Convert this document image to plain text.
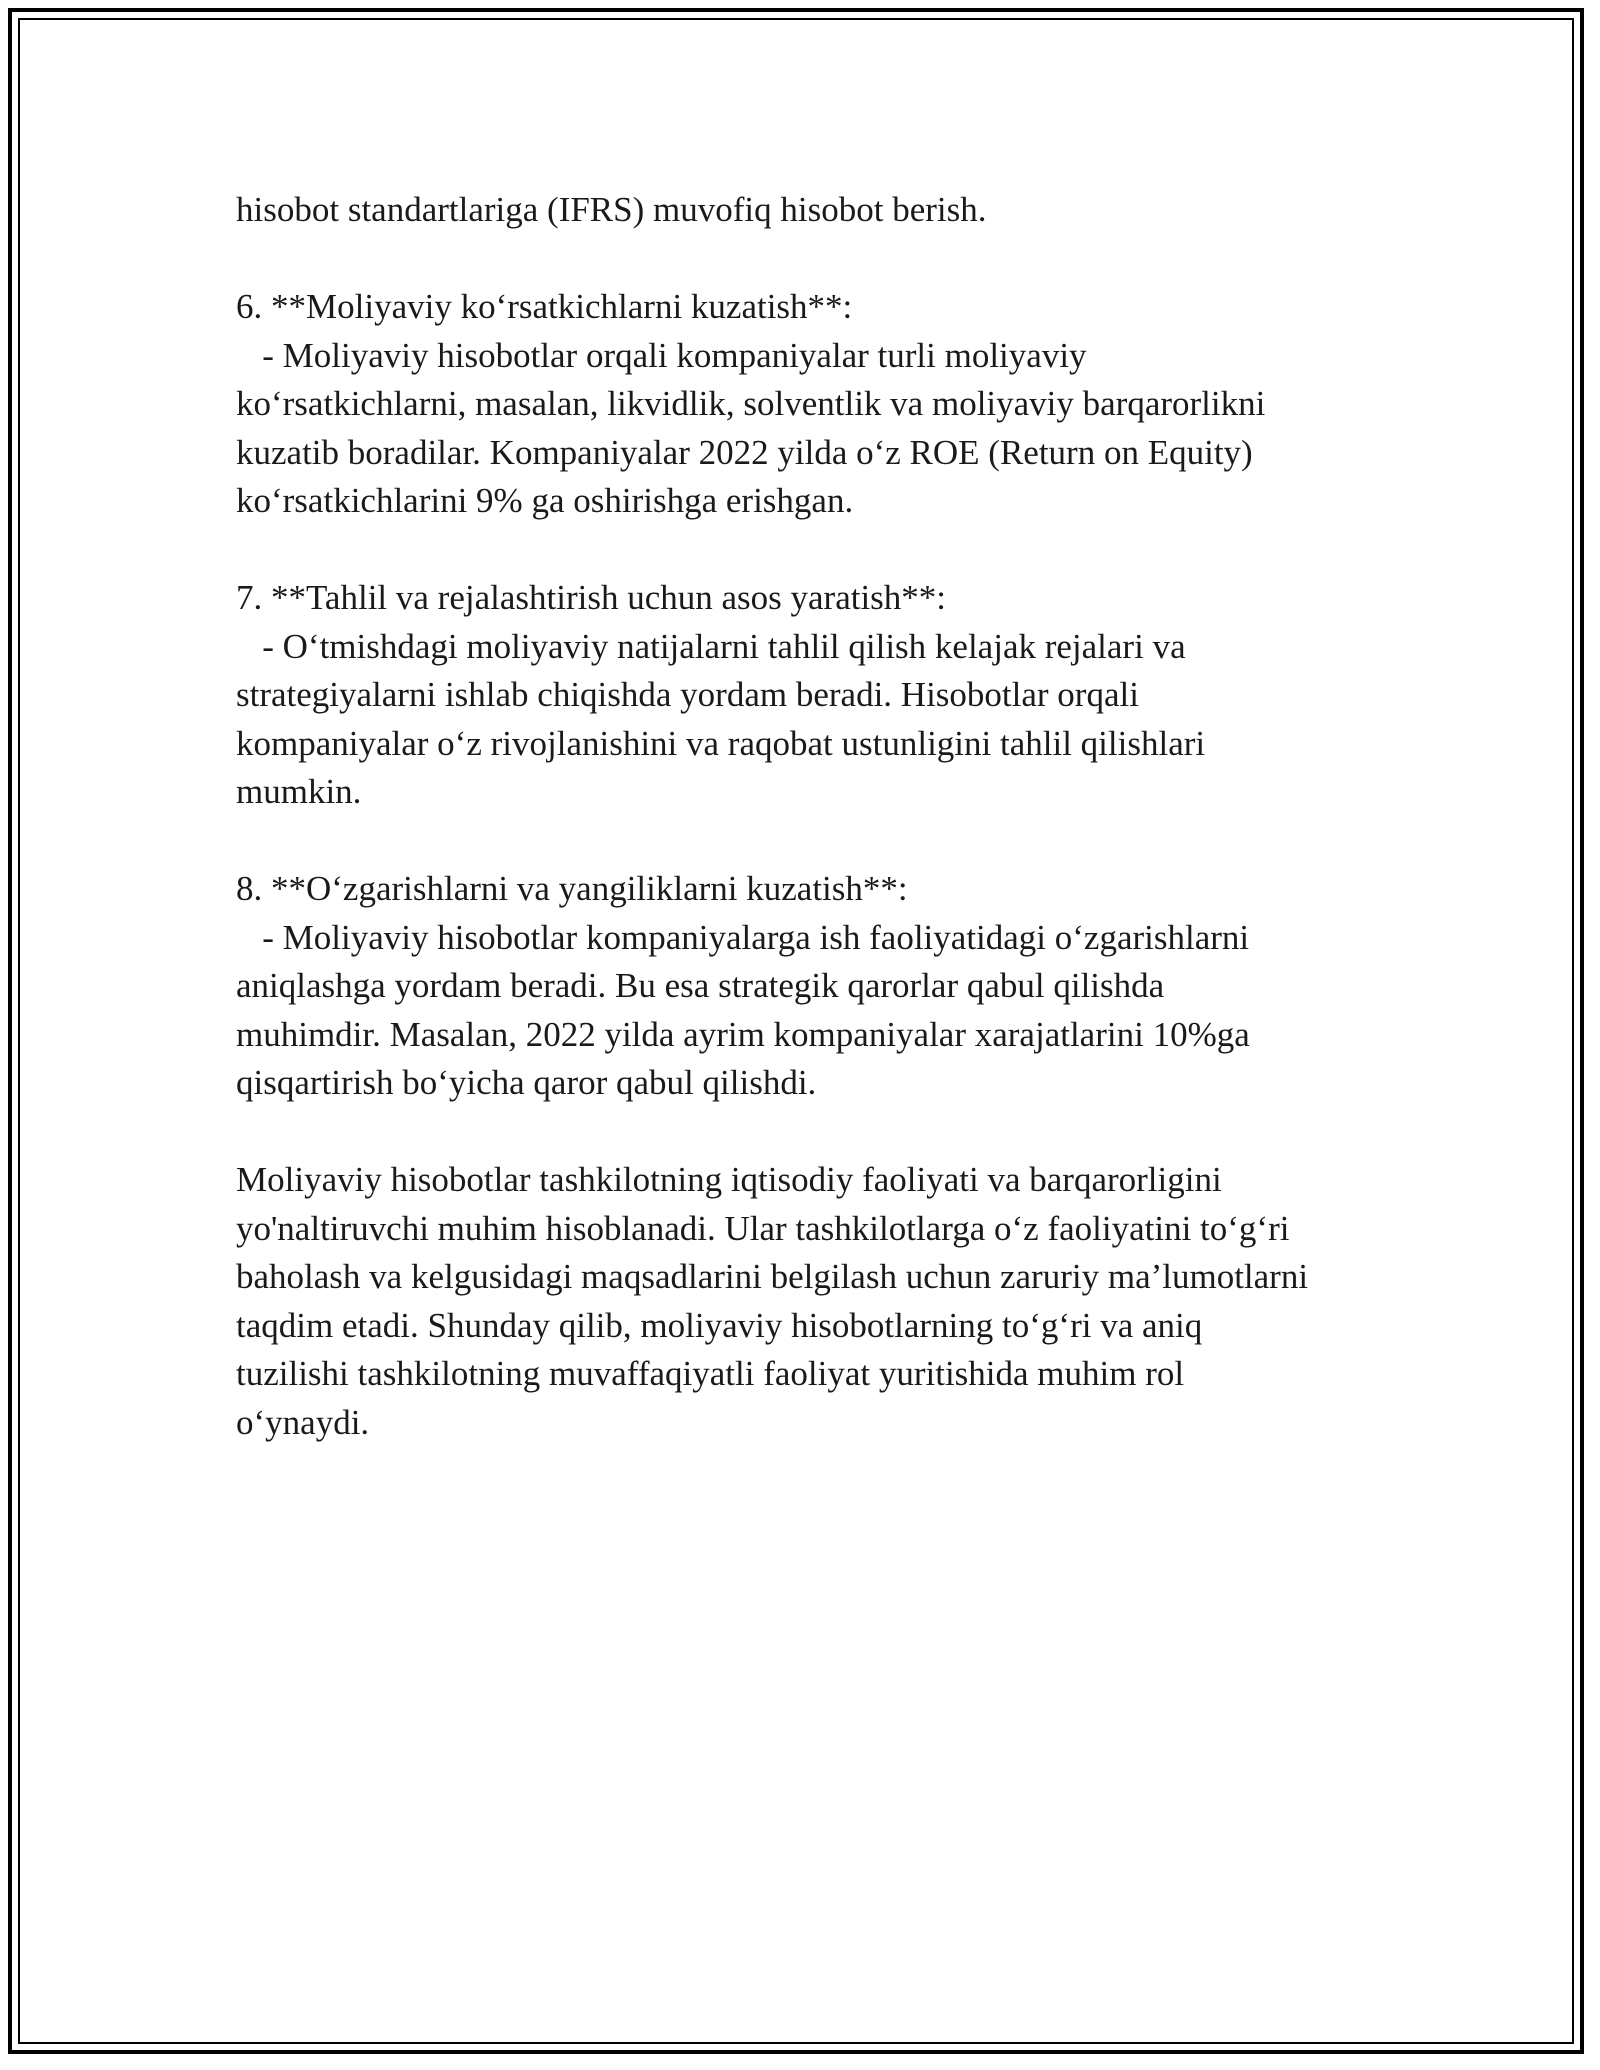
hisobot standartlariga (IFRS) muvofiq hisobot berish.
6. **Moliyaviy ko‘rsatkichlarni kuzatish**:
- Moliyaviy hisobotlar orqali kompaniyalar turli moliyaviy
ko‘rsatkichlarni, masalan, likvidlik, solventlik va moliyaviy barqarorlikni
kuzatib boradilar. Kompaniyalar 2022 yilda o‘z ROE (Return on Equity)
ko‘rsatkichlarini 9% ga oshirishga erishgan.
7. **Tahlil va rejalashtirish uchun asos yaratish**:
- O‘tmishdagi moliyaviy natijalarni tahlil qilish kelajak rejalari va
strategiyalarni ishlab chiqishda yordam beradi. Hisobotlar orqali
kompaniyalar o‘z rivojlanishini va raqobat ustunligini tahlil qilishlari
mumkin.
8. **O‘zgarishlarni va yangiliklarni kuzatish**:
- Moliyaviy hisobotlar kompaniyalarga ish faoliyatidagi o‘zgarishlarni
aniqlashga yordam beradi. Bu esa strategik qarorlar qabul qilishda
muhimdir. Masalan, 2022 yilda ayrim kompaniyalar xarajatlarini 10%ga
qisqartirish bo‘yicha qaror qabul qilishdi.
Moliyaviy hisobotlar tashkilotning iqtisodiy faoliyati va barqarorligini
yo'naltiruvchi muhim hisoblanadi. Ular tashkilotlarga o‘z faoliyatini to‘g‘ri
baholash va kelgusidagi maqsadlarini belgilash uchun zaruriy ma’lumotlarni
taqdim etadi. Shunday qilib, moliyaviy hisobotlarning to‘g‘ri va aniq
tuzilishi tashkilotning muvaffaqiyatli faoliyat yuritishida muhim rol
o‘ynaydi.
